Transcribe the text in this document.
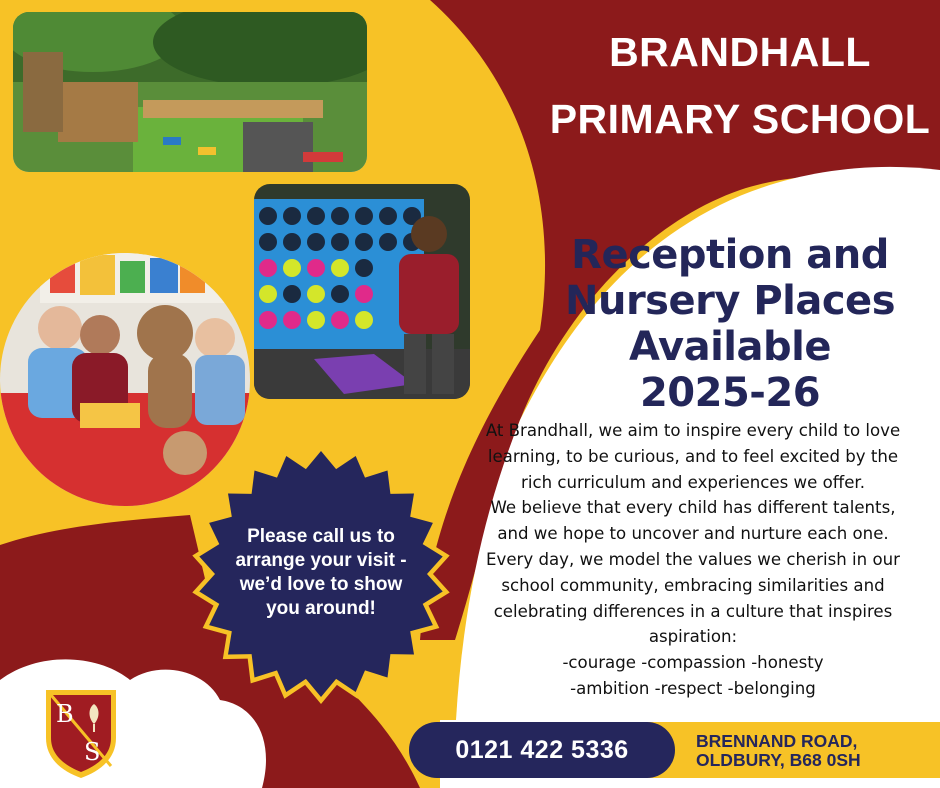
BRANDHALL
PRIMARY SCHOOL
Reception and
Nursery Places
Available
2025-26
At Brandhall, we aim to inspire every child to love
learning, to be curious, and to feel excited by the
rich curriculum and experiences we offer.
We believe that every child has different talents,
and we hope to uncover and nurture each one.
Every day, we model the values we cherish in our
school community, embracing similarities and
celebrating differences in a culture that inspires
aspiration:
-courage -compassion -honesty
-ambition -respect -belonging
Please call us to
arrange your visit -
we’d love to show
you around!
0121 422 5336	BRENNAND ROAD,
OLDBURY, B68 0SH
B
S
